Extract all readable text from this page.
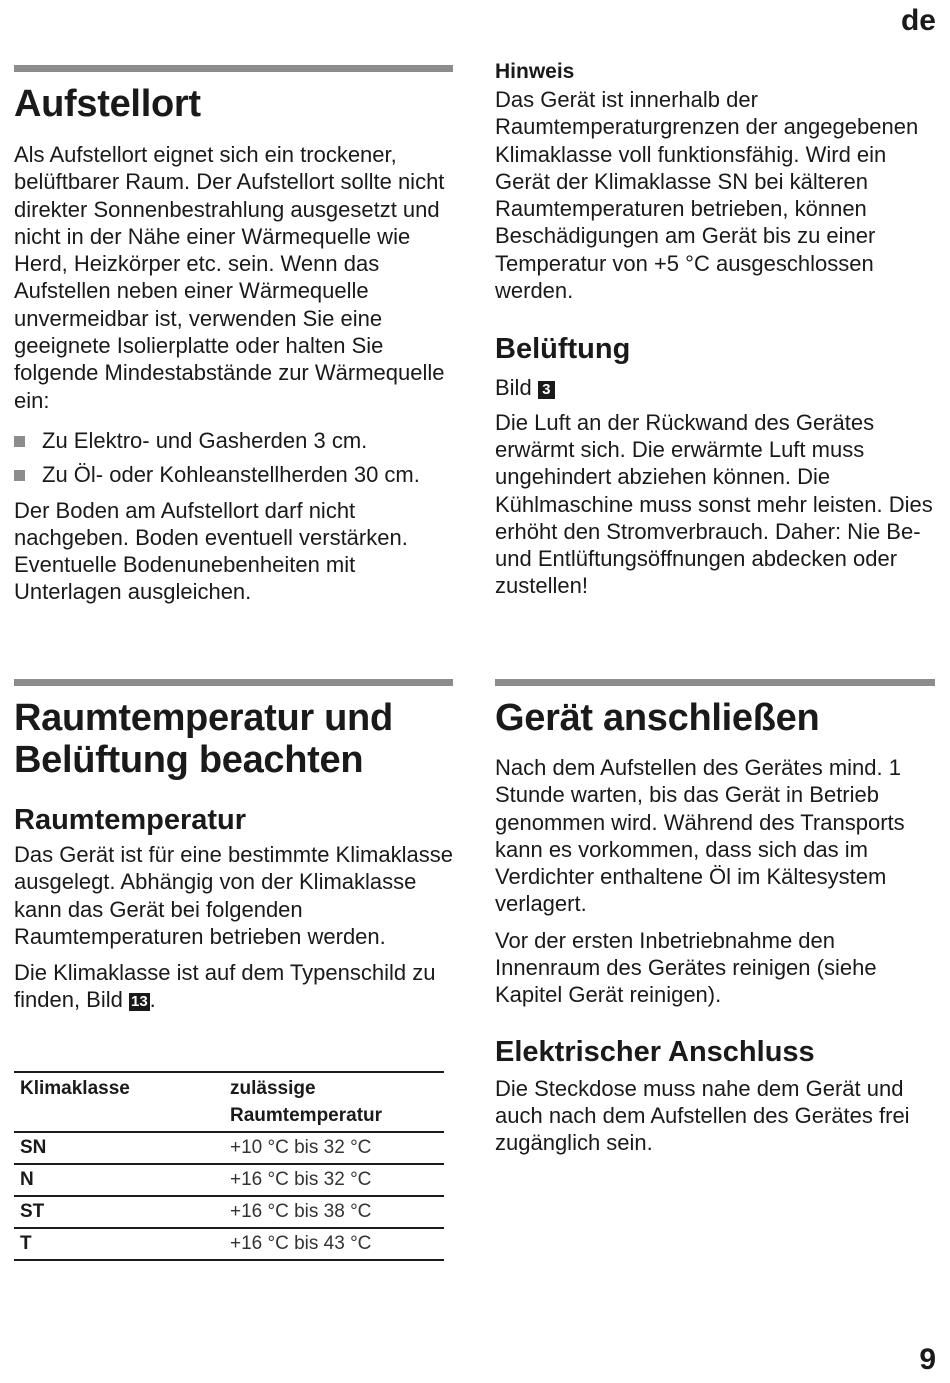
de
Aufstellort

Als Aufstellort eignet sich ein trockener, belüftbarer Raum. Der Aufstellort sollte nicht direkter Sonnenbestrahlung ausgesetzt und nicht in der Nähe einer Wärmequelle wie Herd, Heizkörper etc. sein. Wenn das Aufstellen neben einer Wärmequelle unvermeidbar ist, verwenden Sie eine geeignete Isolierplatte oder halten Sie folgende Mindestabstände zur Wärmequelle ein:

Zu Elektro- und Gasherden 3 cm.
Zu Öl- oder Kohleanstellherden 30 cm.

Der Boden am Aufstellort darf nicht nachgeben. Boden eventuell verstärken. Eventuelle Bodenunebenheiten mit Unterlagen ausgleichen.

Hinweis

Das Gerät ist innerhalb der Raumtemperaturgrenzen der angegebenen Klimaklasse voll funktionsfähig. Wird ein Gerät der Klimaklasse SN bei kälteren Raumtemperaturen betrieben, können Beschädigungen am Gerät bis zu einer Temperatur von +5 °C ausgeschlossen werden.

Belüftung

Bild 3

Die Luft an der Rückwand des Gerätes erwärmt sich. Die erwärmte Luft muss ungehindert abziehen können. Die Kühlmaschine muss sonst mehr leisten. Dies erhöht den Stromverbrauch. Daher: Nie Be- und Entlüftungsöffnungen abdecken oder zustellen!

Raumtemperatur und Belüftung beachten
Raumtemperatur

Das Gerät ist für eine bestimmte Klimaklasse ausgelegt. Abhängig von der Klimaklasse kann das Gerät bei folgenden Raumtemperaturen betrieben werden.

Die Klimaklasse ist auf dem Typenschild zu finden, Bild 13.

Klimaklasse	zulässige Raumtemperatur
SN	+10 °C bis 32 °C
N	+16 °C bis 32 °C
ST	+16 °C bis 38 °C
T	+16 °C bis 43 °C
Gerät anschließen

Nach dem Aufstellen des Gerätes mind. 1 Stunde warten, bis das Gerät in Betrieb genommen wird. Während des Transports kann es vorkommen, dass sich das im Verdichter enthaltene Öl im Kältesystem verlagert.

Vor der ersten Inbetriebnahme den Innenraum des Gerätes reinigen (siehe Kapitel Gerät reinigen).

Elektrischer Anschluss

Die Steckdose muss nahe dem Gerät und auch nach dem Aufstellen des Gerätes frei zugänglich sein.

9
